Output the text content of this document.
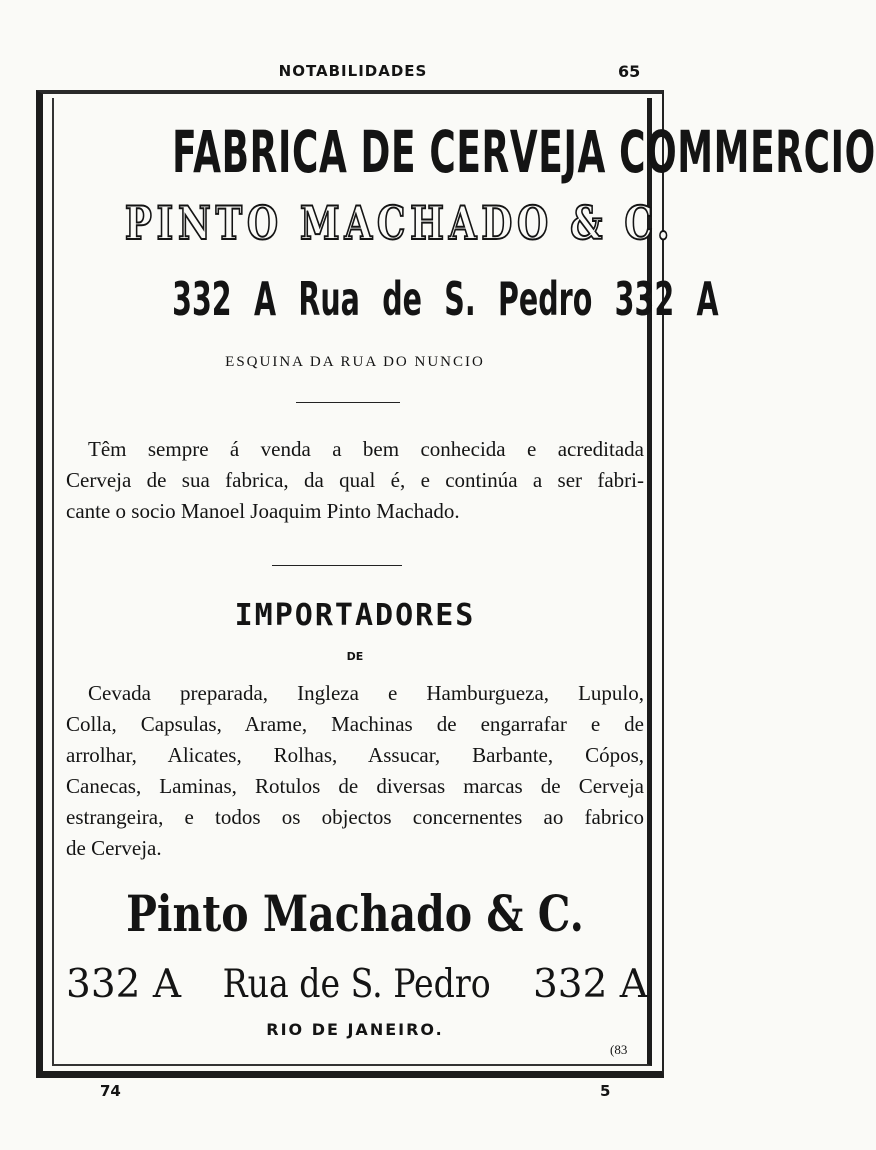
NOTABILIDADES	65
FABRICA DE CERVEJA COMMERCIO
PINTO MACHADO & C.
332 A Rua de S. Pedro 332 A
ESQUINA DA RUA DO NUNCIO
Têm sempre á venda a bem conhecida e acreditada
Cerveja de sua fabrica, da qual é, e continúa a ser fabri-
cante o socio Manoel Joaquim Pinto Machado.
IMPORTADORES
DE
Cevada preparada, Ingleza e Hamburgueza, Lupulo,
Colla, Capsulas, Arame, Machinas de engarrafar e de
arrolhar, Alicates, Rolhas, Assucar, Barbante, Cópos,
Canecas, Laminas, Rotulos de diversas marcas de Cerveja
estrangeira, e todos os objectos concernentes ao fabrico
de Cerveja.
Pinto Machado & C.
332 A Rua de S. Pedro 332 A
RIO DE JANEIRO.
(83
74	5
